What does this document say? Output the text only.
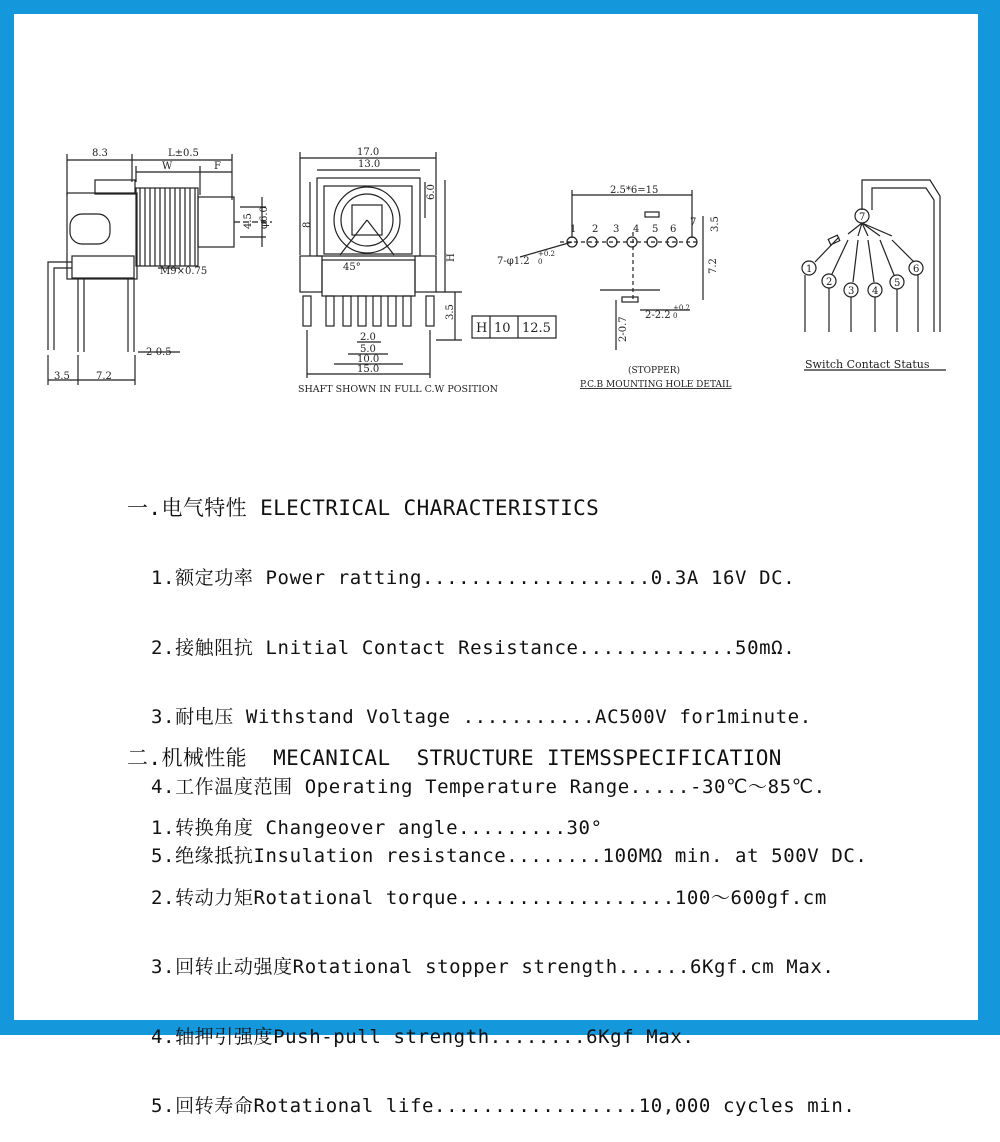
8.3	L±0.5
W	F
M9×0.75
4.5 φ6.0
2-0.5
3.5	7.2
17.0
13.0
6.0
8
H
45°
3.5
2.0
5.0
10.0
15.0
SHAFT SHOWN IN FULL C.W POSITION
H 10 12.5
2.5*6=15
1 2 3 4 5 6
7
7-φ1.2
+0.2
0
3.5
7.2
2-2.2
+0.2
0
2-0.7
(STOPPER)
P.C.B MOUNTING HOLE DETAIL
1
2
3 4
5
6
7
Switch Contact Status

一.电气特性 ELECTRICAL CHARACTERISTICS

1.额定功率 Power ratting...................0.3A 16V DC.

2.接触阻抗 Lnitial Contact Resistance.............50mΩ.

3.耐电压 Withstand Voltage ...........AC500V for1minute.

4.工作温度范围 Operating Temperature Range.....-30℃～85℃.

5.绝缘抵抗Insulation resistance........100MΩ min. at 500V DC.

二.机械性能  MECANICAL  STRUCTURE ITEMSSPECIFICATION

1.转换角度 Changeover angle.........30°

2.转动力矩Rotational torque..................100～600gf.cm

3.回转止动强度Rotational stopper strength......6Kgf.cm Max.

4.轴押引强度Push-pull strength........6Kgf Max.

5.回转寿命Rotational life.................10,000 cycles min.
